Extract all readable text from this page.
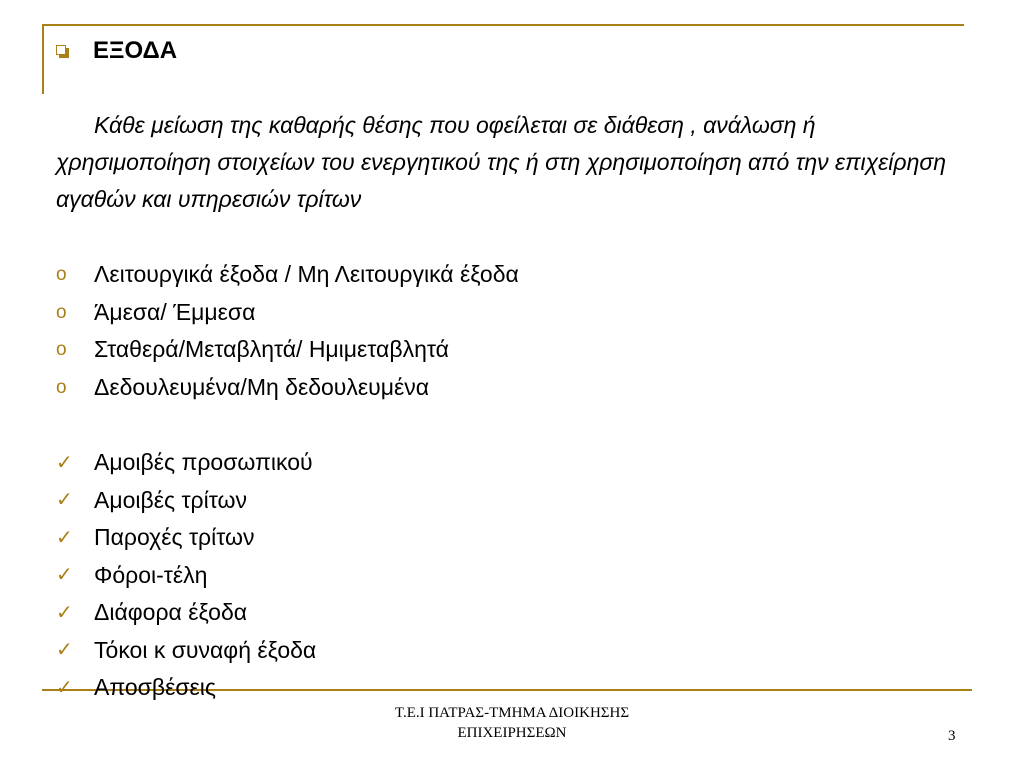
ΕΞΟΔΑ
Κάθε μείωση της καθαρής θέσης που οφείλεται σε διάθεση , ανάλωση ή χρησιμοποίηση στοιχείων του ενεργητικού της ή στη χρησιμοποίηση από την επιχείρηση αγαθών και υπηρεσιών τρίτων
o	Λειτουργικά έξοδα / Μη Λειτουργικά έξοδα
o	Άμεσα/ Έμμεσα
o	Σταθερά/Μεταβλητά/ Ημιμεταβλητά
o	Δεδουλευμένα/Μη δεδουλευμένα
✓ Αμοιβές προσωπικού
✓ Αμοιβές τρίτων
✓ Παροχές τρίτων
✓ Φόροι-τέλη
✓ Διάφορα έξοδα
✓ Τόκοι κ συναφή έξοδα
✓ Αποσβέσεις
Τ.Ε.Ι ΠΑΤΡΑΣ-ΤΜΗΜΑ ΔΙΟΙΚΗΣΗΣ
ΕΠΙΧΕΙΡΗΣΕΩΝ	3
